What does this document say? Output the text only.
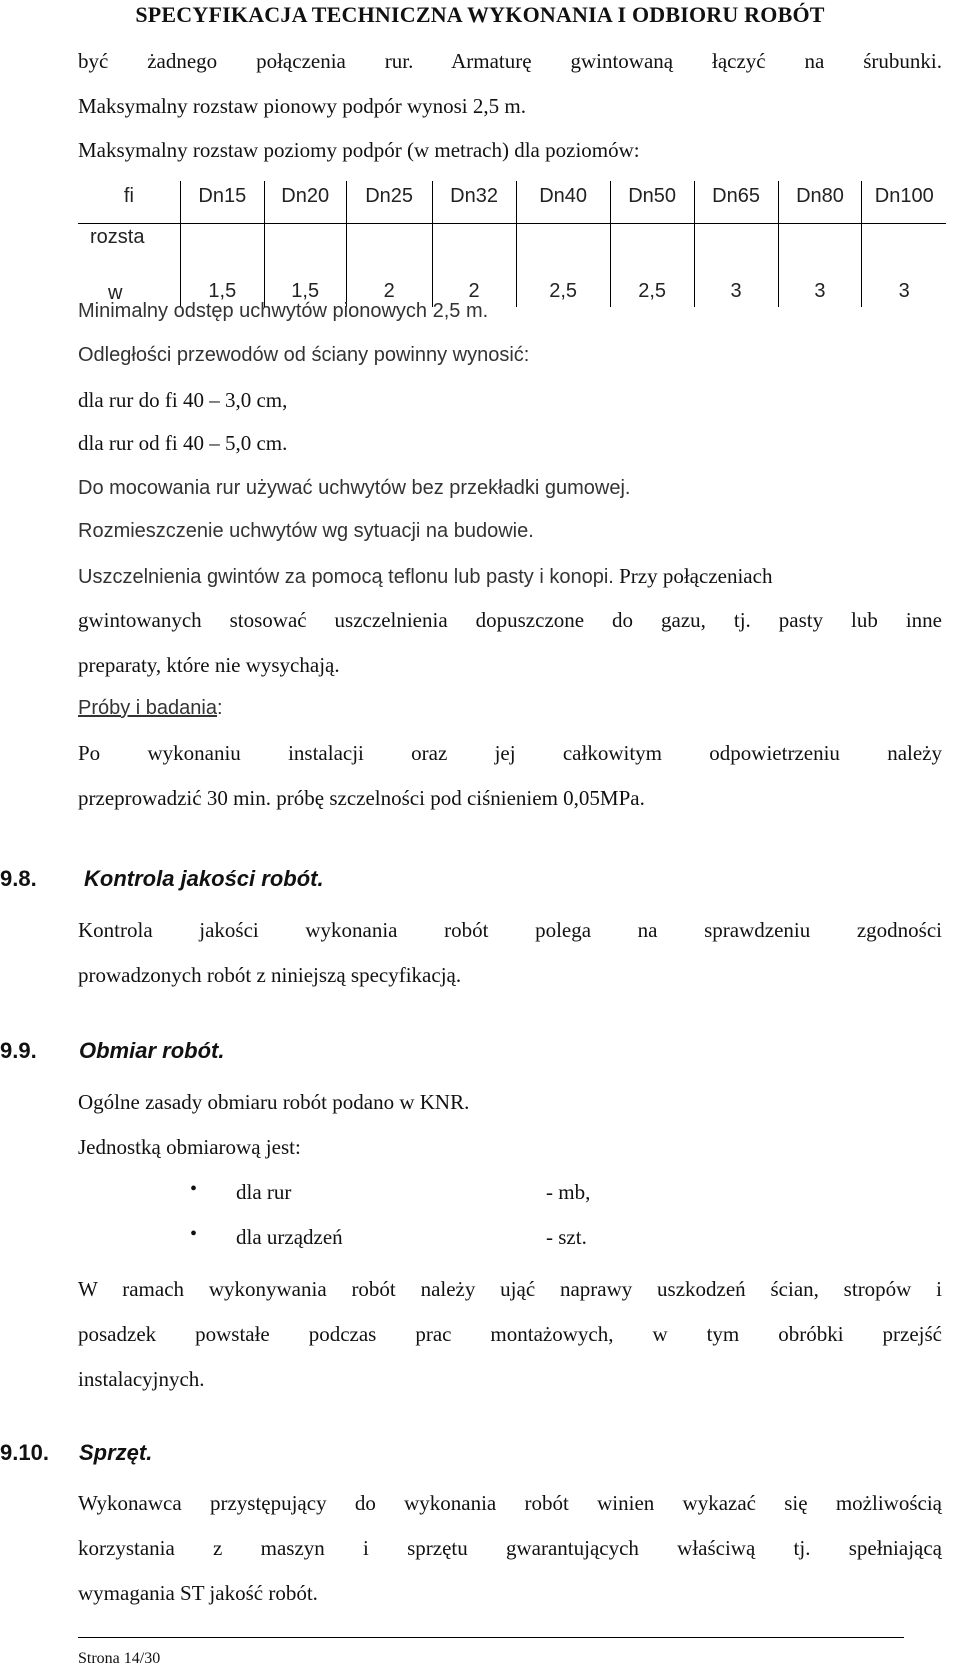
SPECYFIKACJA TECHNICZNA WYKONANIA I ODBIORU ROBÓT
być żadnego połączenia rur. Armaturę gwintowaną łączyć na śrubunki.
Maksymalny rozstaw pionowy podpór wynosi 2,5 m.
Maksymalny rozstaw poziomy podpór (w metrach) dla poziomów:
fi	Dn15	Dn20	Dn25	Dn32	Dn40	Dn50	Dn65	Dn80	Dn100

rozsta
w	1,5	1,5	2	2	2,5	2,5	3	3	3
Minimalny odstęp uchwytów pionowych 2,5 m.
Odległości przewodów od ściany powinny wynosić:
dla rur do fi 40 – 3,0 cm,
dla rur od fi 40 – 5,0 cm.
Do mocowania rur używać uchwytów bez przekładki gumowej.
Rozmieszczenie uchwytów wg sytuacji na budowie.
Uszczelnienia gwintów za pomocą teflonu lub pasty i konopi. Przy połączeniach
gwintowanych stosować uszczelnienia dopuszczone do gazu, tj. pasty lub inne
preparaty, które nie wysychają.
Próby i badania:
Po wykonaniu instalacji oraz jej całkowitym odpowietrzeniu należy
przeprowadzić 30 min. próbę szczelności pod ciśnieniem 0,05MPa.
9.8. Kontrola jakości robót.
Kontrola jakości wykonania robót polega na sprawdzeniu zgodności
prowadzonych robót z niniejszą specyfikacją.
9.9. Obmiar robót.
Ogólne zasady obmiaru robót podano w KNR.
Jednostką obmiarową jest:
• dla rur	- mb,
• dla urządzeń	- szt.
W ramach wykonywania robót należy ująć naprawy uszkodzeń ścian, stropów i
posadzek powstałe podczas prac montażowych, w tym obróbki przejść
instalacyjnych.
9.10. Sprzęt.
Wykonawca przystępujący do wykonania robót winien wykazać się możliwością
korzystania z maszyn i sprzętu gwarantujących właściwą tj. spełniającą
wymagania ST jakość robót.
Strona 14/30
